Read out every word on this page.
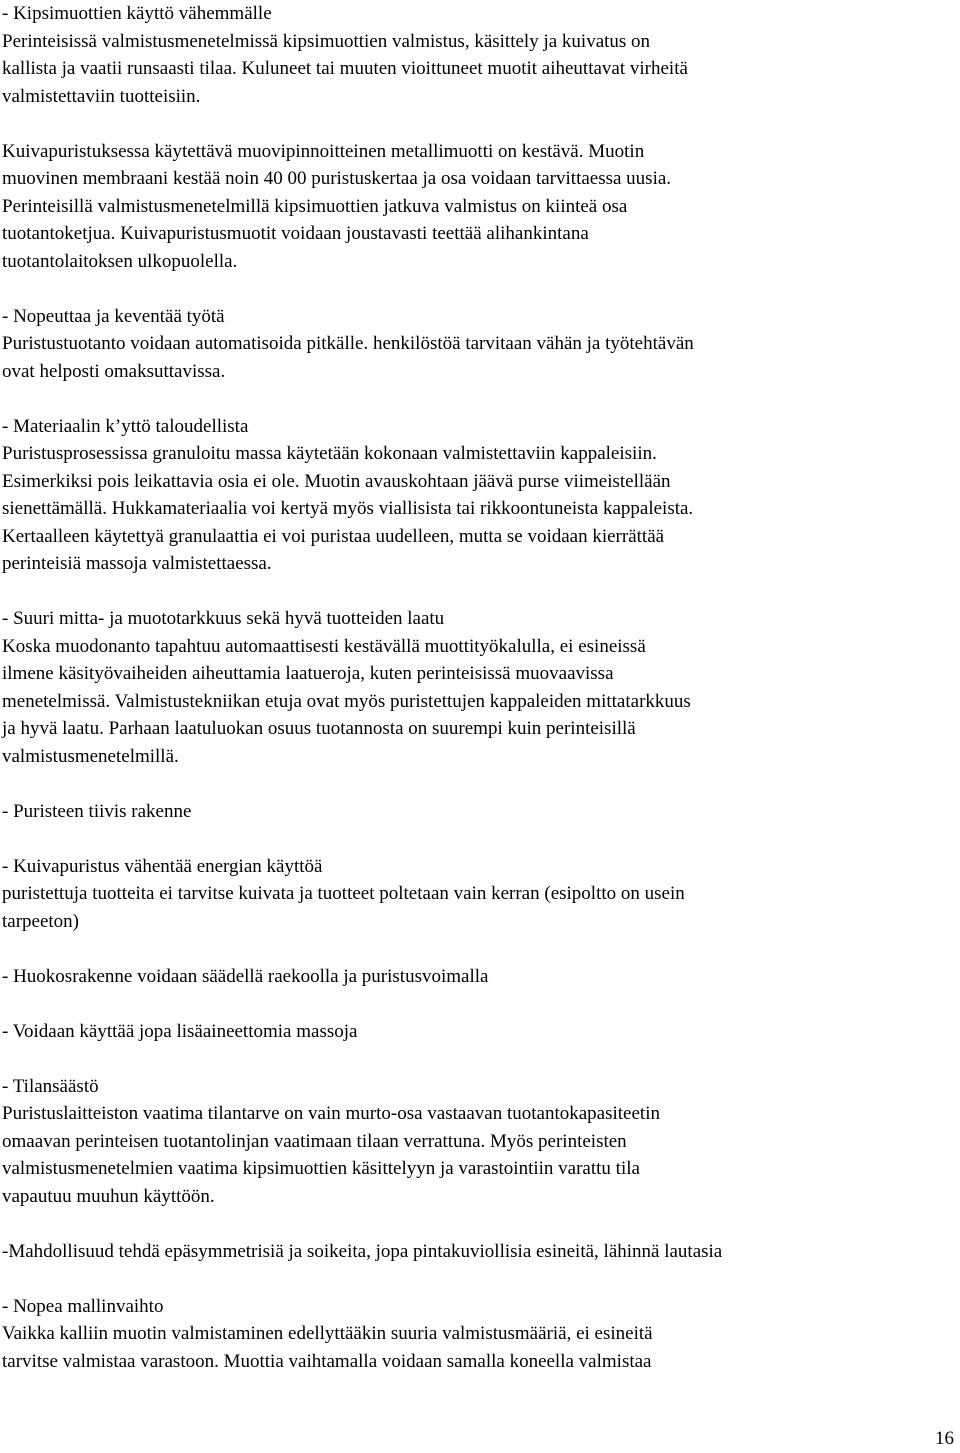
- Kipsimuottien käyttö vähemmälle
Perinteisissä valmistusmenetelmissä kipsimuottien valmistus, käsittely ja kuivatus on
kallista ja vaatii runsaasti tilaa. Kuluneet tai muuten vioittuneet muotit aiheuttavat virheitä
valmistettaviin tuotteisiin.
Kuivapuristuksessa käytettävä muovipinnoitteinen metallimuotti on kestävä. Muotin
muovinen membraani kestää noin 40 00 puristuskertaa ja osa voidaan tarvittaessa uusia.
Perinteisillä valmistusmenetelmillä kipsimuottien jatkuva valmistus on kiinteä osa
tuotantoketjua. Kuivapuristusmuotit voidaan joustavasti teettää alihankintana
tuotantolaitoksen ulkopuolella.
- Nopeuttaa ja keventää työtä
Puristustuotanto voidaan automatisoida pitkälle. henkilöstöä tarvitaan vähän ja työtehtävän
ovat helposti omaksuttavissa.
- Materiaalin k’yttö taloudellista
Puristusprosessissa granuloitu massa käytetään kokonaan valmistettaviin kappaleisiin.
Esimerkiksi pois leikattavia osia ei ole. Muotin avauskohtaan jäävä purse viimeistellään
sienettämällä. Hukkamateriaalia voi kertyä myös viallisista tai rikkoontuneista kappaleista.
Kertaalleen käytettyä granulaattia ei voi puristaa uudelleen, mutta se voidaan kierrättää
perinteisiä massoja valmistettaessa.
- Suuri mitta- ja muototarkkuus sekä hyvä tuotteiden laatu
Koska muodonanto tapahtuu automaattisesti kestävällä muottityökalulla, ei esineissä
ilmene käsityövaiheiden aiheuttamia laatueroja, kuten perinteisissä muovaavissa
menetelmissä. Valmistustekniikan etuja ovat myös puristettujen kappaleiden mittatarkkuus
ja hyvä laatu. Parhaan laatuluokan osuus tuotannosta on suurempi kuin perinteisillä
valmistusmenetelmillä.
- Puristeen tiivis rakenne
- Kuivapuristus vähentää energian käyttöä
puristettuja tuotteita ei tarvitse kuivata ja tuotteet poltetaan vain kerran (esipoltto on usein
tarpeeton)
- Huokosrakenne voidaan säädellä raekoolla ja puristusvoimalla
- Voidaan käyttää jopa lisäaineettomia massoja
- Tilansäästö
Puristuslaitteiston vaatima tilantarve on vain murto-osa vastaavan tuotantokapasiteetin
omaavan perinteisen tuotantolinjan vaatimaan tilaan verrattuna. Myös perinteisten
valmistusmenetelmien vaatima kipsimuottien käsittelyyn ja varastointiin varattu tila
vapautuu muuhun käyttöön.
-Mahdollisuud tehdä epäsymmetrisiä ja soikeita, jopa pintakuviollisia esineitä, lähinnä lautasia
- Nopea mallinvaihto
Vaikka kalliin muotin valmistaminen edellyttääkin suuria valmistusmääriä, ei esineitä
tarvitse valmistaa varastoon. Muottia vaihtamalla voidaan samalla koneella valmistaa
16
